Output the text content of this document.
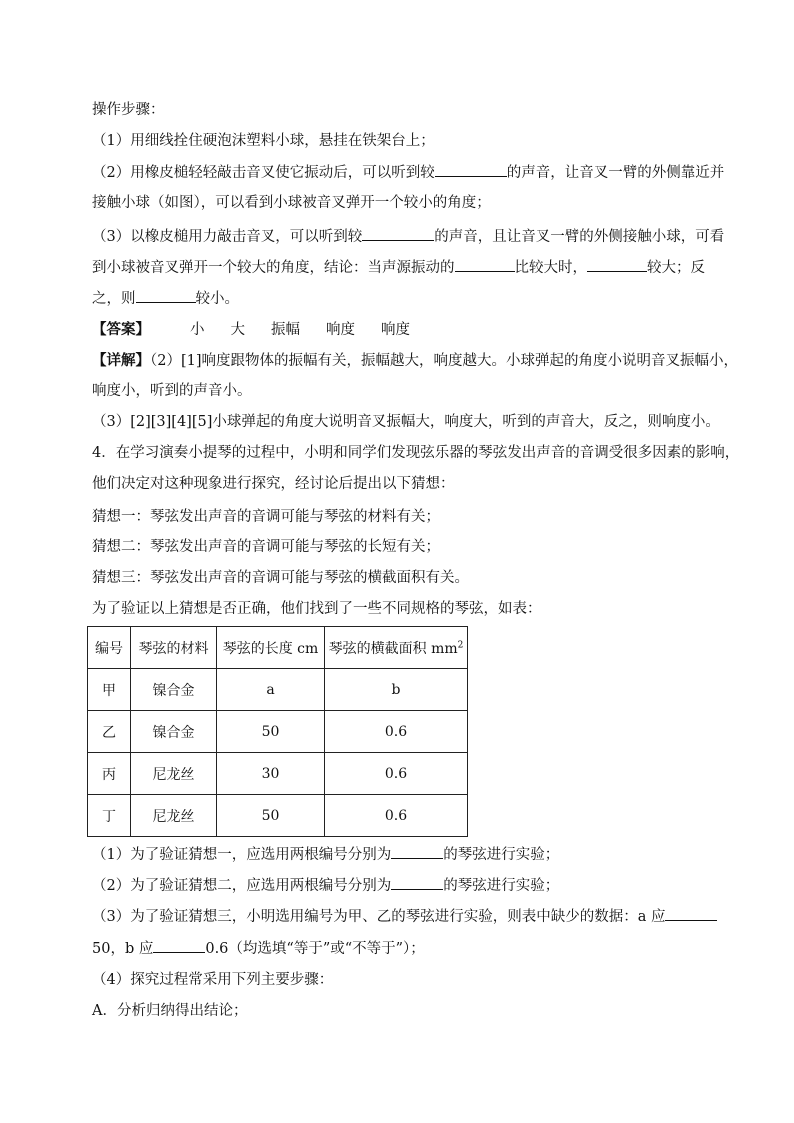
操作步骤：
（1）用细线拴住硬泡沫塑料小球，悬挂在铁架台上；
（2）用橡皮槌轻轻敲击音叉使它振动后，可以听到较	的声音，让音叉一臂的外侧靠近并
接触小球（如图），可以看到小球被音叉弹开一个较小的角度；
（3）以橡皮槌用力敲击音叉，可以听到较	的声音，且让音叉一臂的外侧接触小球，可看
到小球被音叉弹开一个较大的角度，结论：当声源振动的	比较大时，	较大；反
之，则	较小。
【答案】	小 大 振幅 响度 响度
【详解】（2）[1]响度跟物体的振幅有关，振幅越大，响度越大。小球弹起的角度小说明音叉振幅小，
响度小，听到的声音小。
（3）[2][3][4][5]小球弹起的角度大说明音叉振幅大，响度大，听到的声音大，反之，则响度小。
4．在学习演奏小提琴的过程中，小明和同学们发现弦乐器的琴弦发出声音的音调受很多因素的影响，
他们决定对这种现象进行探究，经讨论后提出以下猜想：
猜想一：琴弦发出声音的音调可能与琴弦的材料有关；
猜想二：琴弦发出声音的音调可能与琴弦的长短有关；
猜想三：琴弦发出声音的音调可能与琴弦的横截面积有关。
为了验证以上猜想是否正确，他们找到了一些不同规格的琴弦，如表：
编号	琴弦的材料	琴弦的长度 cm	琴弦的横截面积 $mm^2$
甲	镍合金	a	b
乙	镍合金	50	0.6
丙	尼龙丝	30	0.6
丁	尼龙丝	50	0.6
（1）为了验证猜想一，应选用两根编号分别为	的琴弦进行实验；
（2）为了验证猜想二，应选用两根编号分别为	的琴弦进行实验；
（3）为了验证猜想三，小明选用编号为甲、乙的琴弦进行实验，则表中缺少的数据：a 应
50，b 应	0.6（均选填“等于”或“不等于”）；
（4）探究过程常采用下列主要步骤：
A．分析归纳得出结论；
